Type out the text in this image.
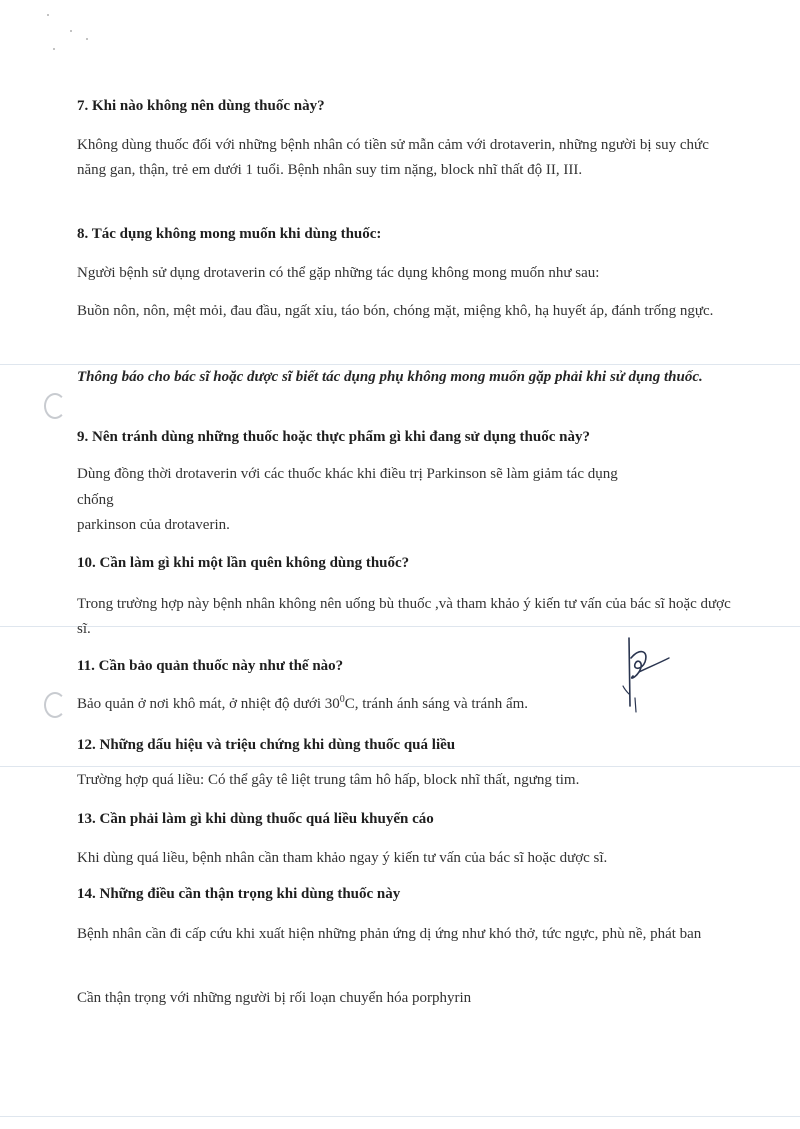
7. Khi nào không nên dùng thuốc này?
Không dùng thuốc đối với những bệnh nhân có tiền sử mẫn cảm với drotaverin, những người bị suy chức năng gan, thận, trẻ em dưới 1 tuổi. Bệnh nhân suy tim nặng, block nhĩ thất độ II, III.
8. Tác dụng không mong muốn khi dùng thuốc:
Người bệnh sử dụng drotaverin có thể gặp những tác dụng không mong muốn như sau:
Buồn nôn, nôn, mệt mỏi, đau đầu, ngất xỉu, táo bón, chóng mặt, miệng khô, hạ huyết áp, đánh trống ngực.
Thông báo cho bác sĩ hoặc dược sĩ biết tác dụng phụ không mong muốn gặp phải khi sử dụng thuốc.
9. Nên tránh dùng những thuốc hoặc thực phẩm gì khi đang sử dụng thuốc này?
Dùng đồng thời drotaverin với các thuốc khác khi điều trị Parkinson sẽ làm giảm tác dụng
chống
parkinson của drotaverin.
10. Cần làm gì khi một lần quên không dùng thuốc?
Trong trường hợp này bệnh nhân không nên uống bù thuốc ,và tham khảo ý kiến tư vấn của bác sĩ hoặc dược sĩ.
11. Cần bảo quản thuốc này như thế nào?
Bảo quản ở nơi khô mát, ở nhiệt độ dưới $30^0C$, tránh ánh sáng và tránh ẩm.
12. Những dấu hiệu và triệu chứng khi dùng thuốc quá liều
Trường hợp quá liều: Có thể gây tê liệt trung tâm hô hấp, block nhĩ thất, ngưng tim.
13. Cần phải làm gì khi dùng thuốc quá liều khuyến cáo
Khi dùng quá liều, bệnh nhân cần tham khảo ngay ý kiến tư vấn của bác sĩ hoặc dược sĩ.
14. Những điều cần thận trọng khi dùng thuốc này
Bệnh nhân cần đi cấp cứu khi xuất hiện những phản ứng dị ứng như khó thở, tức ngực, phù nề, phát ban
Cần thận trọng với những người bị rối loạn chuyển hóa porphyrin
